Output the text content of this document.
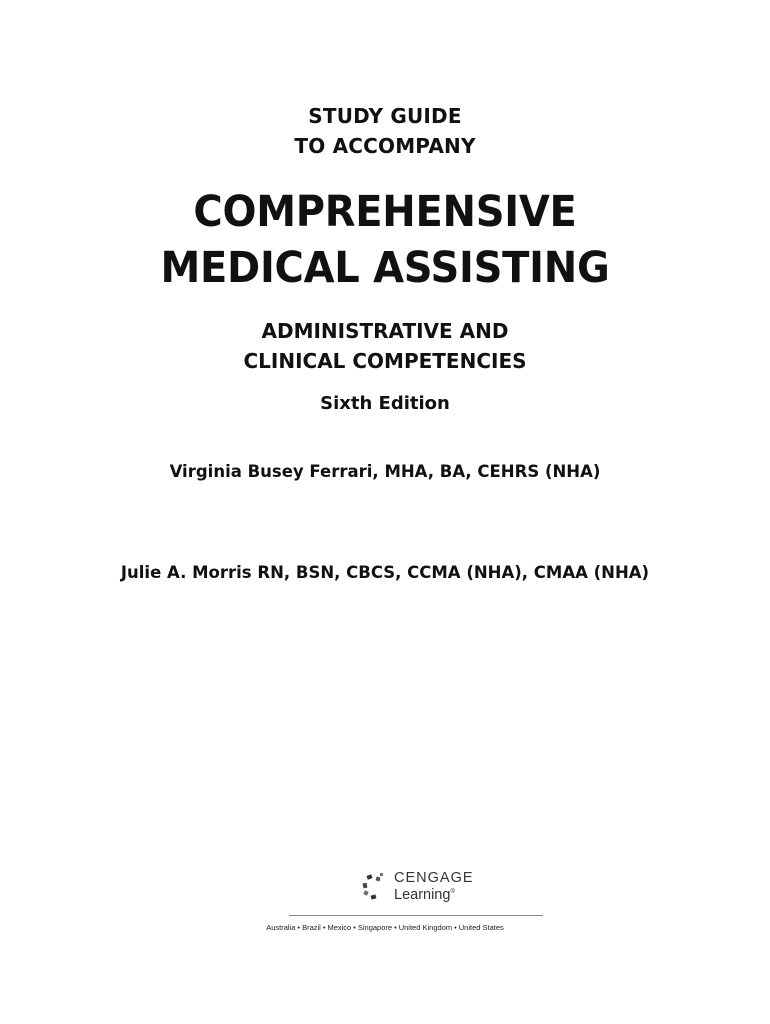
STUDY GUIDE
TO ACCOMPANY
COMPREHENSIVE
MEDICAL ASSISTING
ADMINISTRATIVE AND
CLINICAL COMPETENCIES
Sixth Edition
Virginia Busey Ferrari, MHA, BA, CEHRS (NHA)
Julie A. Morris RN, BSN, CBCS, CCMA (NHA), CMAA (NHA)
CENGAGE
Learning®
Australia • Brazil • Mexico • Singapore • United Kingdom • United States
